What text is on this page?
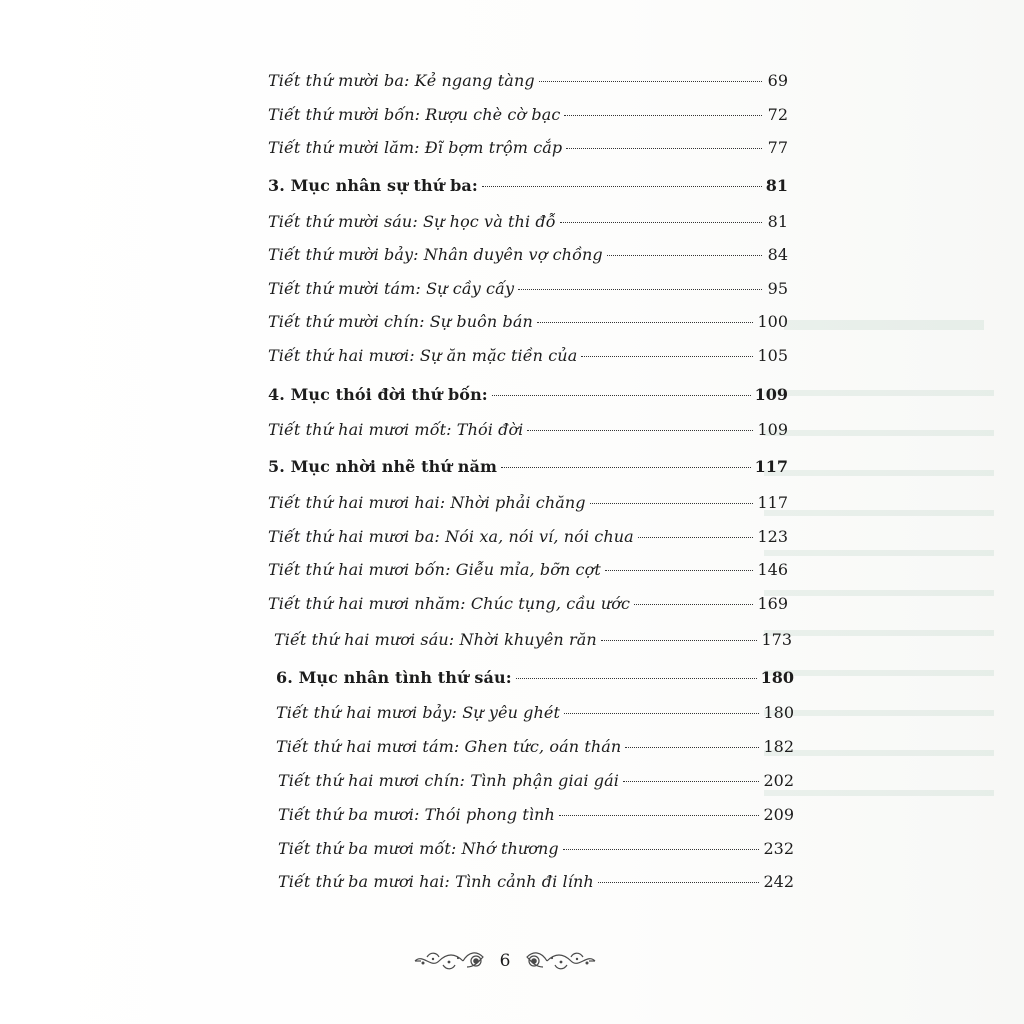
Tiết thứ mười ba: Kẻ ngang tàng	69
Tiết thứ mười bốn: Rượu chè cờ bạc	72
Tiết thứ mười lăm: Đĩ bợm trộm cắp	77
3. Mục nhân sự thứ ba:	81
Tiết thứ mười sáu: Sự học và thi đỗ	81
Tiết thứ mười bảy: Nhân duyên vợ chồng	84
Tiết thứ mười tám: Sự cầy cấy	95
Tiết thứ mười chín: Sự buôn bán	100
Tiết thứ hai mươi: Sự ăn mặc tiền của	105
4. Mục thói đời thứ bốn:	109
Tiết thứ hai mươi mốt: Thói đời	109
5. Mục nhời nhẽ thứ năm	117
Tiết thứ hai mươi hai: Nhời phải chăng	117
Tiết thứ hai mươi ba: Nói xa, nói ví, nói chua	123
Tiết thứ hai mươi bốn: Giễu mỉa, bỡn cợt	146
Tiết thứ hai mươi nhăm: Chúc tụng, cầu ước	169
Tiết thứ hai mươi sáu: Nhời khuyên răn	173
6. Mục nhân tình thứ sáu:	180
Tiết thứ hai mươi bảy: Sự yêu ghét	180
Tiết thứ hai mươi tám: Ghen tức, oán thán	182
Tiết thứ hai mươi chín: Tình phận giai gái	202
Tiết thứ ba mươi: Thói phong tình	209
Tiết thứ ba mươi mốt: Nhớ thương	232
Tiết thứ ba mươi hai: Tình cảnh đi lính	242
6
